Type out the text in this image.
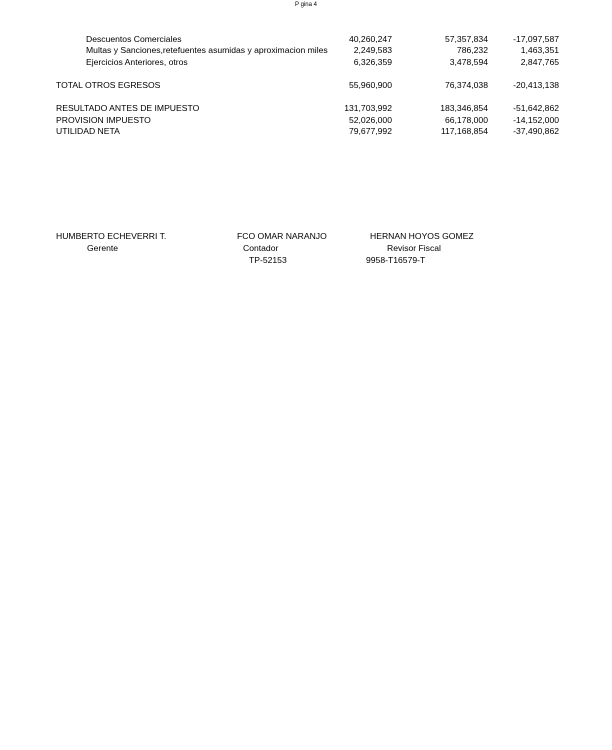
P gina 4
Descuentos Comerciales	40,260,247	57,357,834	-17,097,587
Multas y Sanciones,retefuentes asumidas y aproximacion miles	2,249,583	786,232	1,463,351
Ejercicios Anteriores, otros	6,326,359	3,478,594	2,847,765
TOTAL OTROS EGRESOS	55,960,900	76,374,038	-20,413,138
RESULTADO ANTES DE IMPUESTO	131,703,992	183,346,854	-51,642,862
PROVISION IMPUESTO	52,026,000	66,178,000	-14,152,000
UTILIDAD NETA	79,677,992	117,168,854	-37,490,862
HUMBERTO ECHEVERRI T.
Gerente
FCO OMAR NARANJO
Contador
TP-52153
HERNAN HOYOS GOMEZ
Revisor Fiscal
9958-T16579-T
